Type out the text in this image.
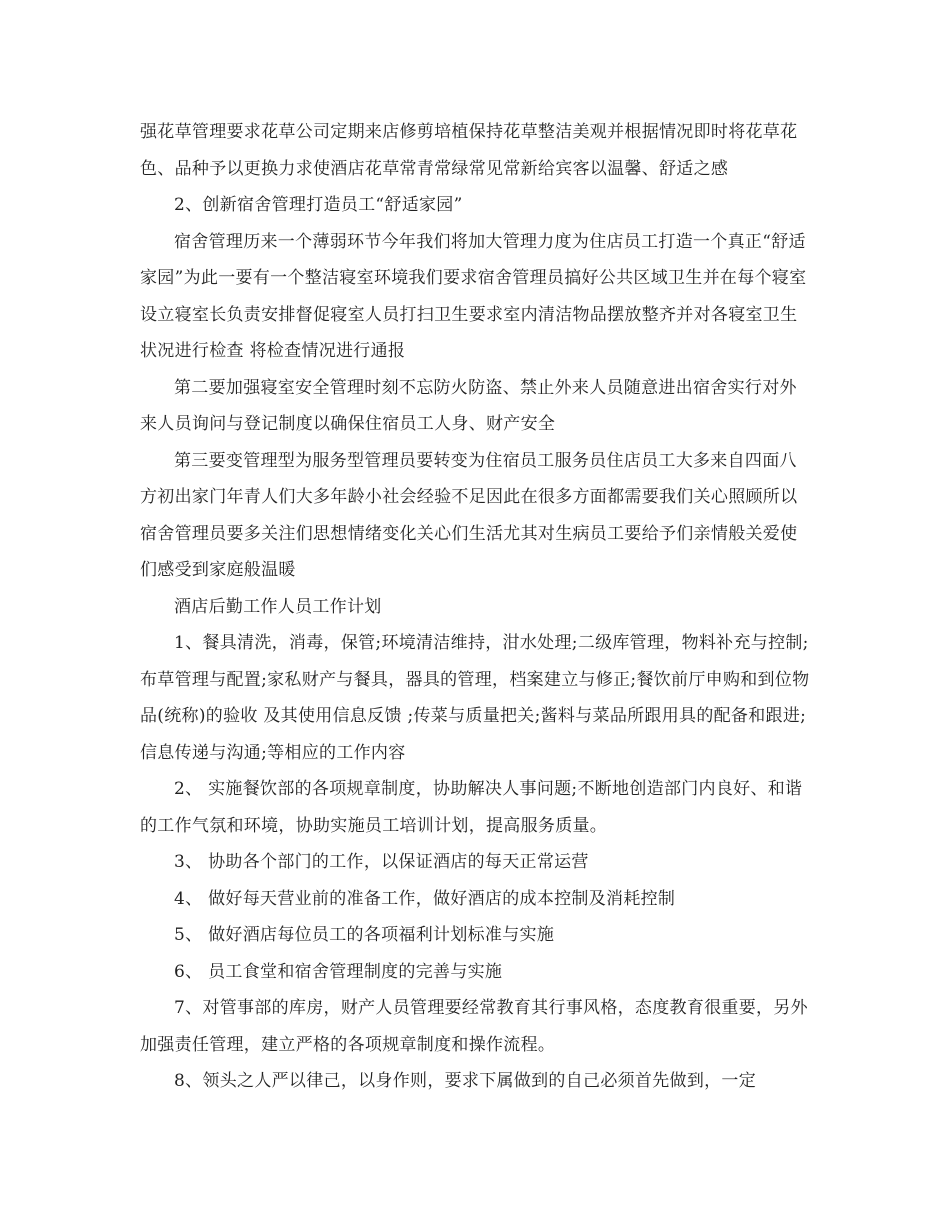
强花草管理要求花草公司定期来店修剪培植保持花草整洁美观并根据情况即时将花草花色、品种予以更换力求使酒店花草常青常绿常见常新给宾客以温馨、舒适之感

2、创新宿舍管理打造员工“舒适家园”

宿舍管理历来一个薄弱环节今年我们将加大管理力度为住店员工打造一个真正“舒适家园”为此一要有一个整洁寝室环境我们要求宿舍管理员搞好公共区域卫生并在每个寝室设立寝室长负责安排督促寝室人员打扫卫生要求室内清洁物品摆放整齐并对各寝室卫生状况进行检查 将检查情况进行通报

第二要加强寝室安全管理时刻不忘防火防盗、禁止外来人员随意进出宿舍实行对外来人员询问与登记制度以确保住宿员工人身、财产安全

第三要变管理型为服务型管理员要转变为住宿员工服务员住店员工大多来自四面八方初出家门年青人们大多年龄小社会经验不足因此在很多方面都需要我们关心照顾所以宿舍管理员要多关注们思想情绪变化关心们生活尤其对生病员工要给予们亲情般关爱使们感受到家庭般温暖

酒店后勤工作人员工作计划

1、餐具清洗，消毒，保管;环境清洁维持，泔水处理;二级库管理，物料补充与控制;布草管理与配置;家私财产与餐具，器具的管理，档案建立与修正;餐饮前厅申购和到位物品(统称)的验收 及其使用信息反馈 ;传菜与质量把关;酱料与菜品所跟用具的配备和跟进;信息传递与沟通;等相应的工作内容

2、 实施餐饮部的各项规章制度，协助解决人事问题;不断地创造部门内良好、和谐的工作气氛和环境，协助实施员工培训计划，提高服务质量。

3、 协助各个部门的工作，以保证酒店的每天正常运营

4、 做好每天营业前的准备工作，做好酒店的成本控制及消耗控制

5、 做好酒店每位员工的各项福利计划标准与实施

6、 员工食堂和宿舍管理制度的完善与实施

7、对管事部的库房，财产人员管理要经常教育其行事风格，态度教育很重要，另外加强责任管理，建立严格的各项规章制度和操作流程。

8、领头之人严以律己，以身作则，要求下属做到的自己必须首先做到，一定
